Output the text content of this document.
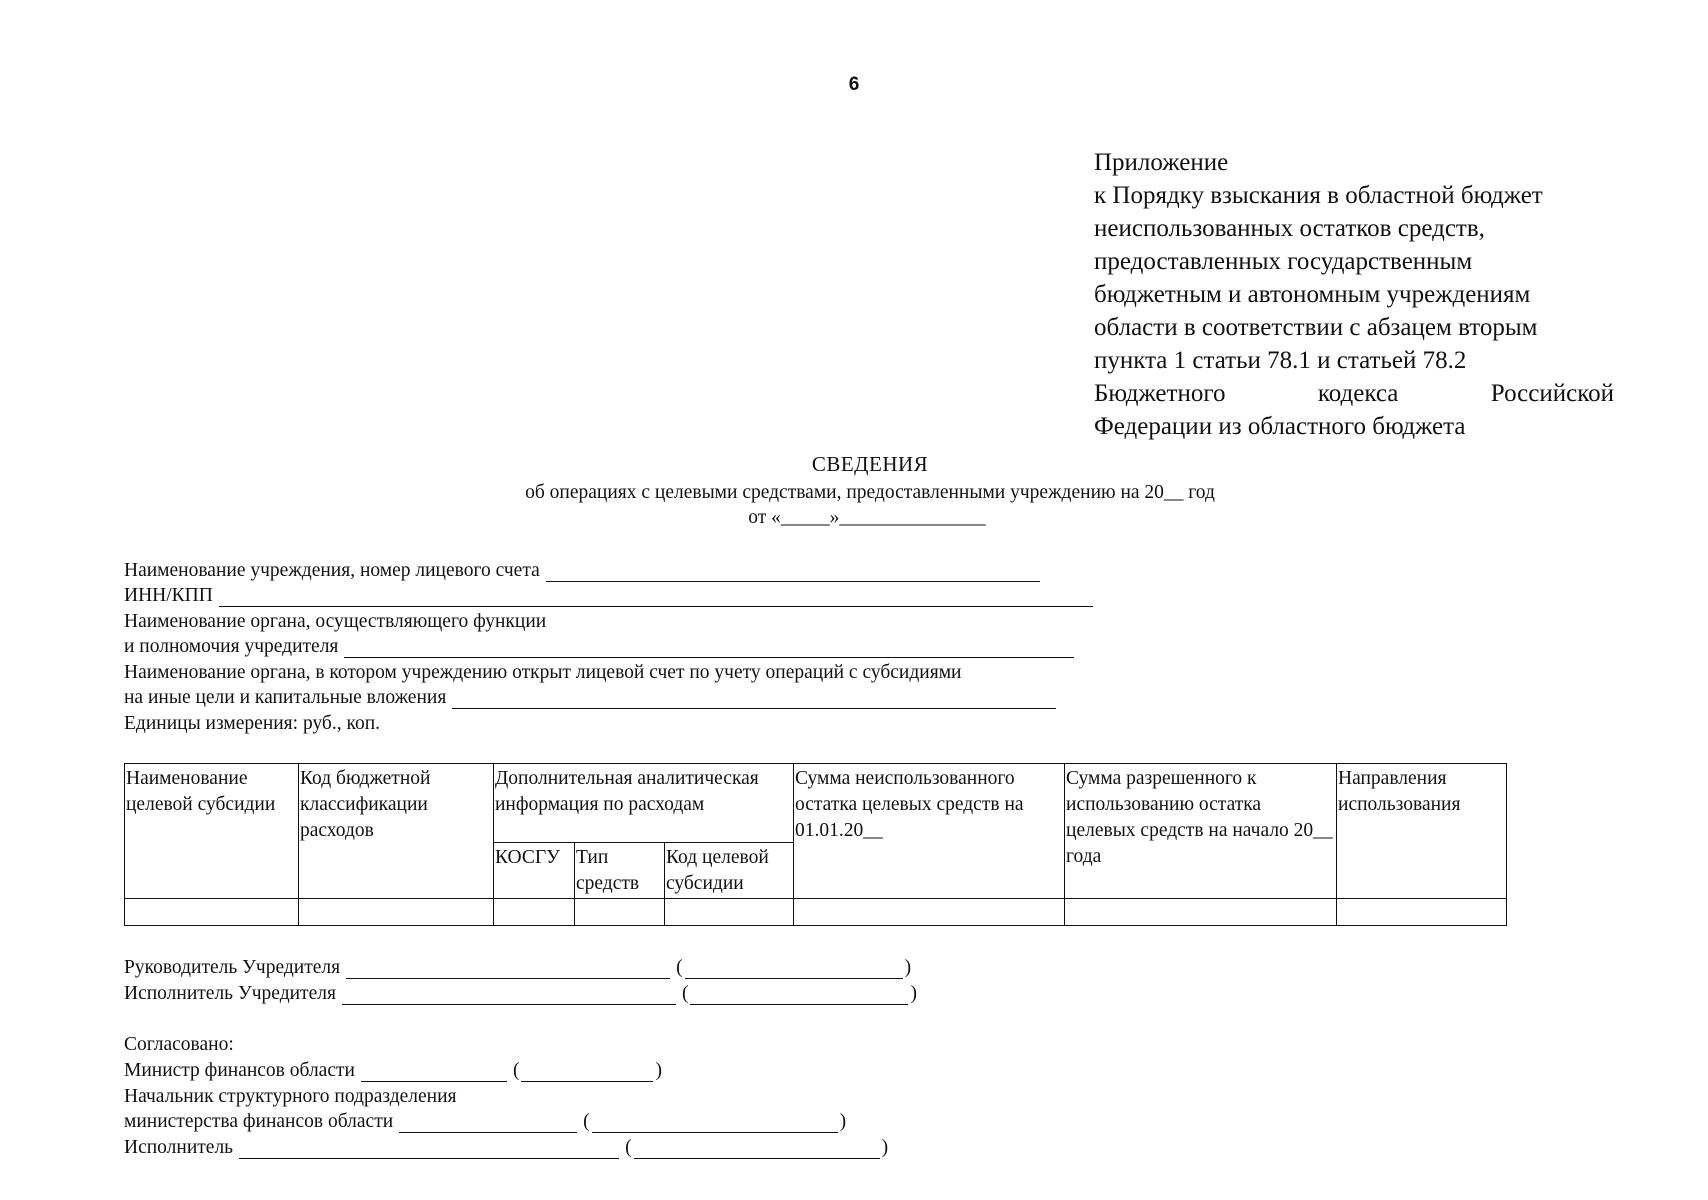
6
Приложение
к Порядку взыскания в областной бюджет
неиспользованных остатков средств,
предоставленных государственным
бюджетным и автономным учреждениям
области в соответствии с абзацем вторым
пункта 1 статьи 78.1 и статьей 78.2
Бюджетного	кодекса	Российской
Федерации из областного бюджета
СВЕДЕНИЯ
об операциях с целевыми средствами, предоставленными учреждению на 20__ год
от «_____»_______________
Наименование учреждения, номер лицевого счета
ИНН/КПП
Наименование органа, осуществляющего функции
и полномочия учредителя
Наименование органа, в котором учреждению открыт лицевой счет по учету операций с субсидиями
на иные цели и капитальные вложения
Единицы измерения: руб., коп.
Наименование целевой субсидии	Код бюджетной классификации расходов	Дополнительная аналитическая информация по расходам			Сумма неиспользованного остатка целевых средств на 01.01.20__	Сумма разрешенного к использованию остатка целевых средств на начало 20__ года	Направления использования
		КОСГУ	Тип средств	Код целевой субсидии			

Руководитель Учредителя	(	)
Исполнитель Учредителя	(	)
Согласовано:
Министр финансов области	(	)
Начальник структурного подразделения
министерства финансов области	(	)
Исполнитель	(	)
